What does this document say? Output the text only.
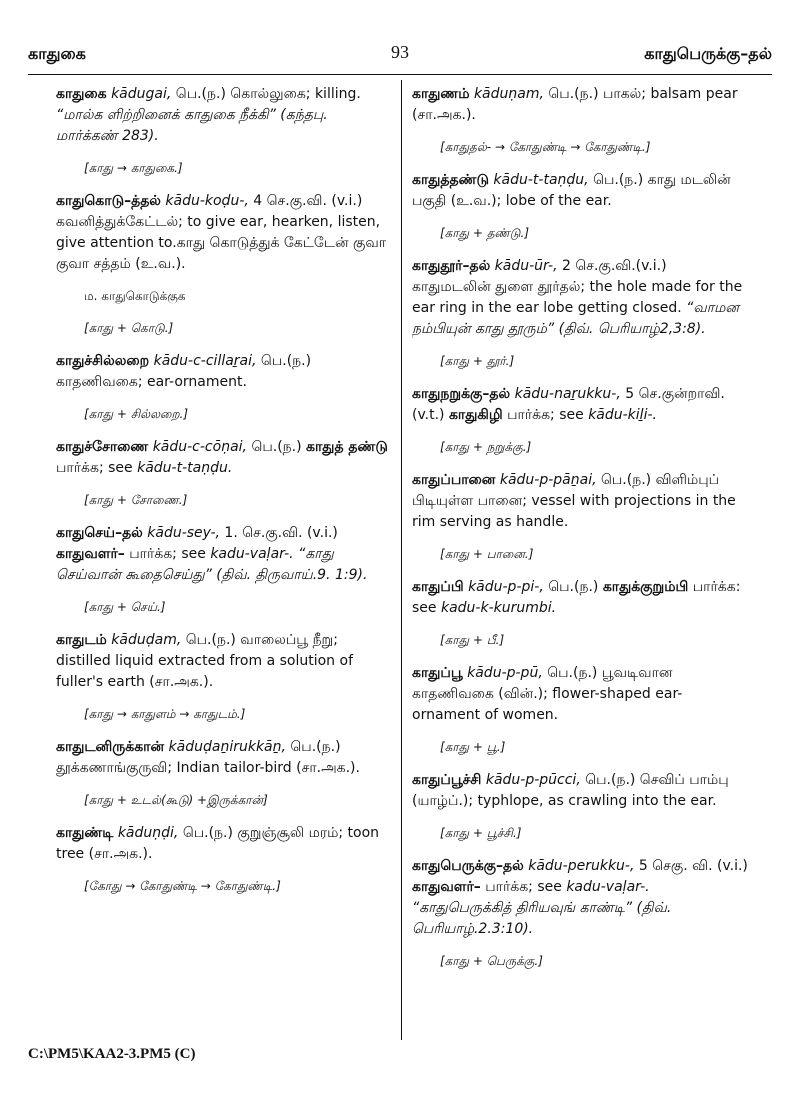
காதுகை	93	காதுபெருக்கு–தல்
காதுகை kādugai, பெ.(ந.) கொல்லுகை; killing. “மால்க ளிற்றினைக் காதுகை நீக்கி” (கந்தபு. மார்க்கண் 283).
[காது → காதுகை.]
காதுகொடு–த்தல் kādu-koḍu-, 4 செ.கு.வி. (v.i.) கவனித்துக்கேட்டல்; to give ear, hearken, listen, give attention to.காது கொடுத்துக் கேட்டேன் குவா குவா சத்தம் (உ.வ.).
ம. காதுகொடுக்குக
[காது + கொடு.]
காதுச்சில்லறை kādu-c-cillaṟai, பெ.(ந.) காதணிவகை; ear-ornament.
[காது + சில்லறை.]
காதுச்சோணை kādu-c-cōṇai, பெ.(ந.) காதுத் தண்டு பார்க்க; see kādu-t-taṇḍu.
[காது + சோணை.]
காதுசெய்–தல் kādu-sey-, 1. செ.கு.வி. (v.i.) காதுவளர்– பார்க்க; see kadu-vaḷar-. “காது செய்வான் கூதைசெய்து” (திவ். திருவாய்.9. 1:9).
[காது + செய்.]
காதுடம் kāduḍam, பெ.(ந.) வாலைப்பூ நீறு; distilled liquid extracted from a solution of fuller's earth (சா.அக.).
[காது → காதுளம் → காதுடம்.]
காதுடனிருக்கான் kāduḍaṉirukkāṉ, பெ.(ந.) தூக்கணாங்குருவி; Indian tailor-bird (சா.அக.).
[காது + உடல்(கூடு) +இருக்கான்]
காதுண்டி kāduṇḍi, பெ.(ந.) குறுஞ்சூலி மரம்; toon tree (சா.அக.).
[கோது → கோதுண்டி → கோதுண்டி.]
காதுணம் kāduṇam, பெ.(ந.) பாகல்; balsam pear (சா.அக.).
[காதுதல்- → கோதுண்டி → கோதுண்டி.]
காதுத்தண்டு kādu-t-taṇḍu, பெ.(ந.) காது மடலின் பகுதி (உ.வ.); lobe of the ear.
[காது + தண்டு.]
காதுதூர்–தல் kādu-ūr-, 2 செ.கு.வி.(v.i.) காதுமடலின் துளை தூர்தல்; the hole made for the ear ring in the ear lobe getting closed. “வாமன நம்பியுன் காது தூரும்” (திவ். பெரியாழ்2,3:8).
[காது + தூர்.]
காதுநறுக்கு–தல் kādu-naṟukku-, 5 செ.குன்றாவி. (v.t.) காதுகிழி பார்க்க; see kādu-kiḻi-.
[காது + நறுக்கு.]
காதுப்பானை kādu-p-pāṉai, பெ.(ந.) விளிம்புப் பிடியுள்ள பானை; vessel with projections in the rim serving as handle.
[காது + பானை.]
காதுப்பி kādu-p-pi-, பெ.(ந.) காதுக்குறும்பி பார்க்க: see kadu-k-kurumbi.
[காது + பீ.]
காதுப்பூ kādu-p-pū, பெ.(ந.) பூவடிவான காதணிவகை (வின்.); flower-shaped ear-ornament of women.
[காது + பூ.]
காதுப்பூச்சி kādu-p-pūcci, பெ.(ந.) செவிப் பாம்பு (யாழ்ப்.); typhlope, as crawling into the ear.
[காது + பூச்சி.]
காதுபெருக்கு–தல் kādu-perukku-, 5 செகு. வி. (v.i.) காதுவளர்– பார்க்க; see kadu-vaḷar-. “காதுபெருக்கித் திரியவுங் காண்டி” (திவ். பெரியாழ்.2.3:10).
[காது + பெருக்கு.]
C:\PM5\KAA2-3.PM5 (C)
